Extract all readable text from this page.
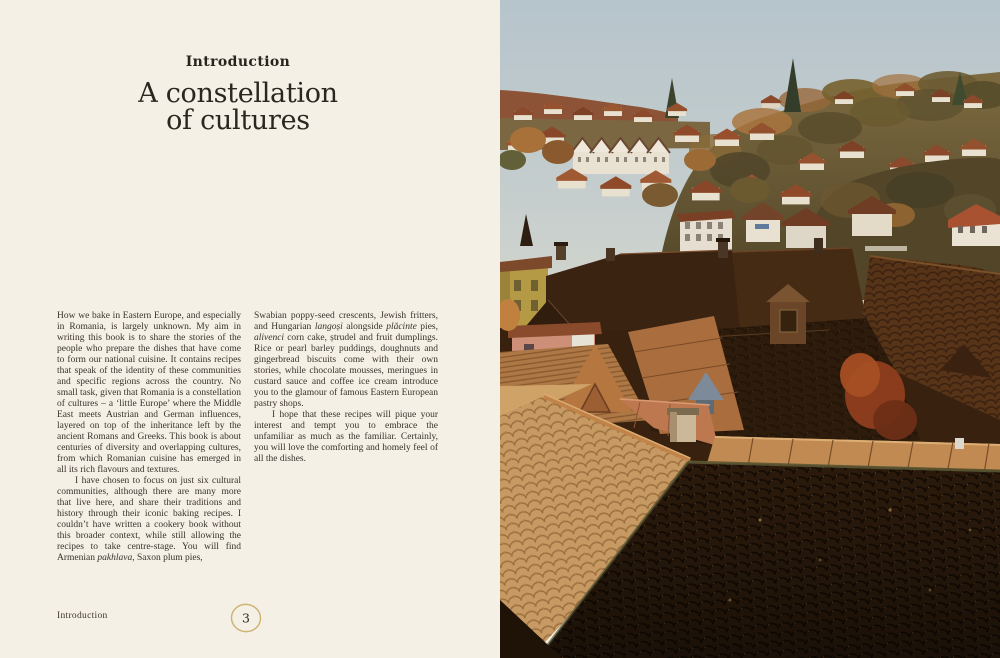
Introduction
A constellation
of cultures

How we bake in Eastern Europe, and especially in Romania, is largely unknown. My aim in writing this book is to share the stories of the people who prepare the dishes that have come to form our national cuisine. It contains recipes that speak of the identity of these communities and specific regions across the country. No small task, given that Romania is a constellation of cultures – a ‘little Europe’ where the Middle East meets Austrian and German influences, layered on top of the inheritance left by the ancient Romans and Greeks. This book is about centuries of diversity and overlapping cultures, from which Romanian cuisine has emerged in all its rich flavours and textures.

I have chosen to focus on just six cultural communities, although there are many more that live here, and share their traditions and history through their iconic baking recipes. I couldn’t have written a cookery book without this broader context, while still allowing the recipes to take centre-stage. You will find Armenian pakhlava, Saxon plum pies,

Swabian poppy-seed crescents, Jewish fritters, and Hungarian langoși alongside plăcinte pies, alivenci corn cake, ștrudel and fruit dumplings. Rice or pearl barley puddings, doughnuts and gingerbread biscuits come with their own stories, while chocolate mousses, meringues in custard sauce and coffee ice cream introduce you to the glamour of famous Eastern European pastry shops.

I hope that these recipes will pique your interest and tempt you to embrace the unfamiliar as much as the familiar. Certainly, you will love the comforting and homely feel of all the dishes.

Introduction	3
